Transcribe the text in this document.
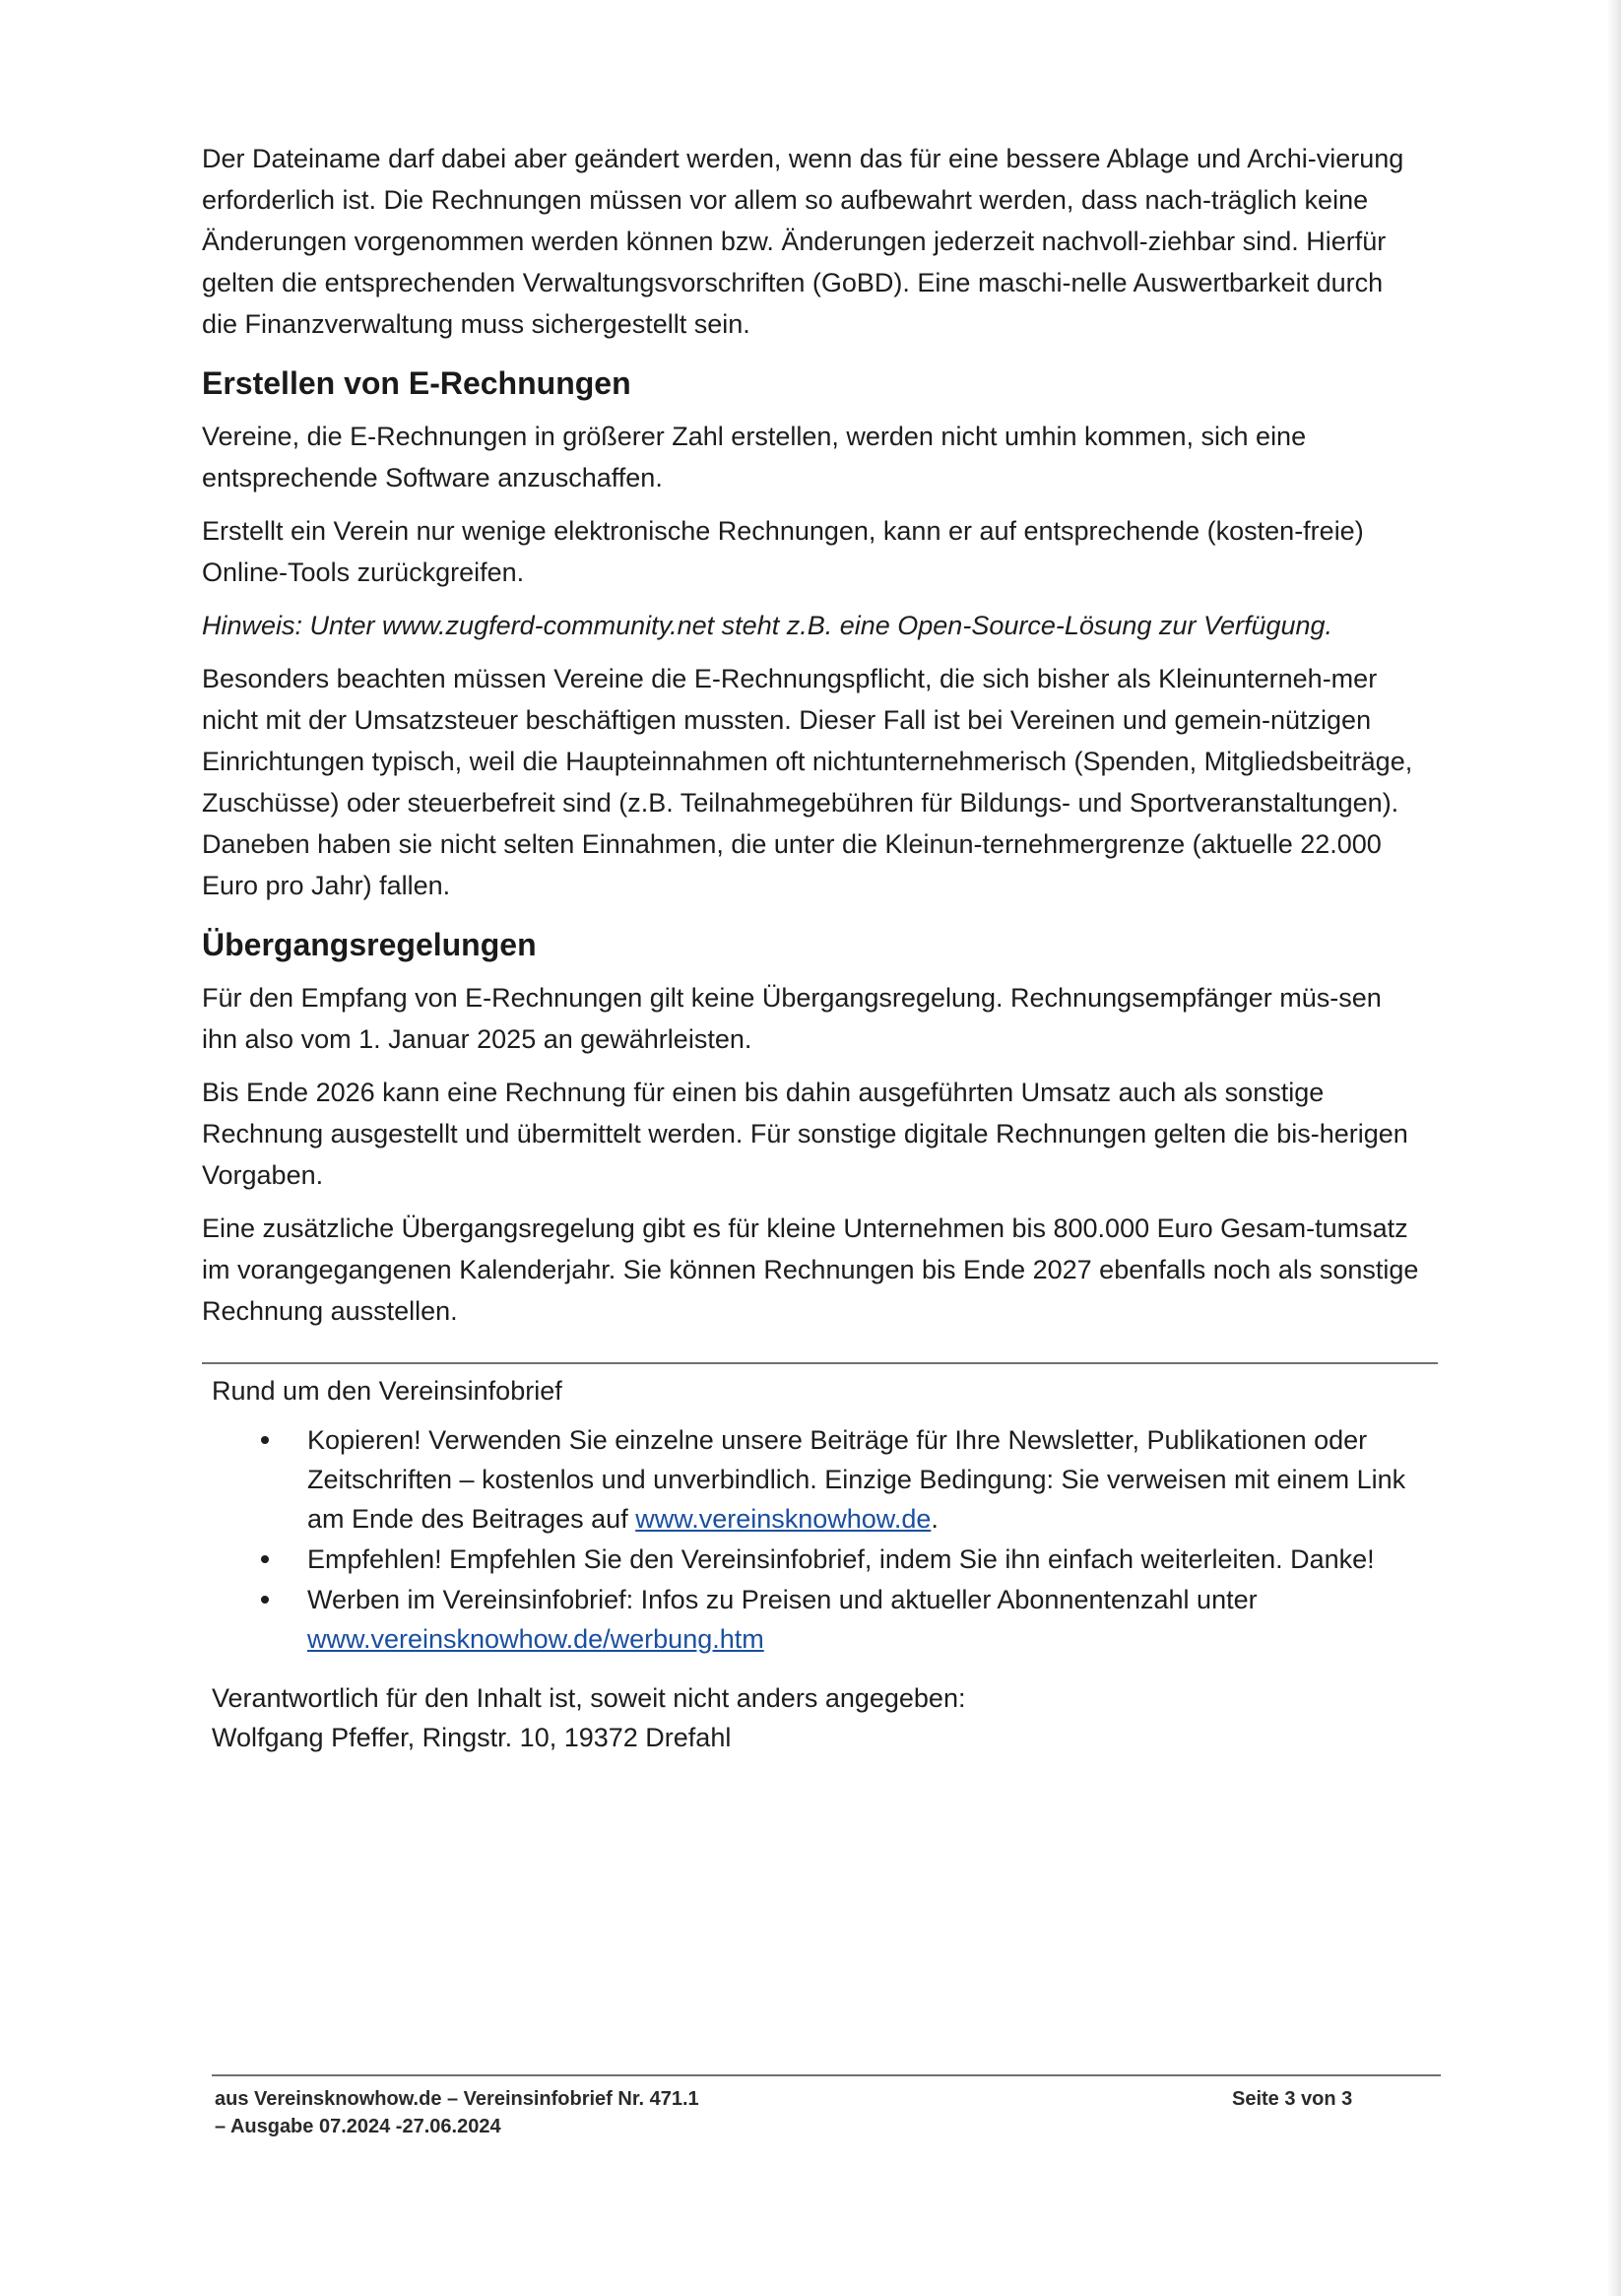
Der Dateiname darf dabei aber geändert werden, wenn das für eine bessere Ablage und Archi-vierung erforderlich ist. Die Rechnungen müssen vor allem so aufbewahrt werden, dass nach-träglich keine Änderungen vorgenommen werden können bzw. Änderungen jederzeit nachvoll-ziehbar sind. Hierfür gelten die entsprechenden Verwaltungsvorschriften (GoBD). Eine maschi-nelle Auswertbarkeit durch die Finanzverwaltung muss sichergestellt sein.

Erstellen von E-Rechnungen

Vereine, die E-Rechnungen in größerer Zahl erstellen, werden nicht umhin kommen, sich eine entsprechende Software anzuschaffen.

Erstellt ein Verein nur wenige elektronische Rechnungen, kann er auf entsprechende (kosten-freie) Online-Tools zurückgreifen.

Hinweis: Unter www.zugferd-community.net steht z.B. eine Open-Source-Lösung zur Verfügung.

Besonders beachten müssen Vereine die E-Rechnungspflicht, die sich bisher als Kleinunterneh-mer nicht mit der Umsatzsteuer beschäftigen mussten. Dieser Fall ist bei Vereinen und gemein-nützigen Einrichtungen typisch, weil die Haupteinnahmen oft nichtunternehmerisch (Spenden, Mitgliedsbeiträge, Zuschüsse) oder steuerbefreit sind (z.B. Teilnahmegebühren für Bildungs- und Sportveranstaltungen). Daneben haben sie nicht selten Einnahmen, die unter die Kleinun-ternehmergrenze (aktuelle 22.000 Euro pro Jahr) fallen.

Übergangsregelungen

Für den Empfang von E-Rechnungen gilt keine Übergangsregelung. Rechnungsempfänger müs-sen ihn also vom 1. Januar 2025 an gewährleisten.

Bis Ende 2026 kann eine Rechnung für einen bis dahin ausgeführten Umsatz auch als sonstige Rechnung ausgestellt und übermittelt werden. Für sonstige digitale Rechnungen gelten die bis-herigen Vorgaben.

Eine zusätzliche Übergangsregelung gibt es für kleine Unternehmen bis 800.000 Euro Gesam-tumsatz im vorangegangenen Kalenderjahr. Sie können Rechnungen bis Ende 2027 ebenfalls noch als sonstige Rechnung ausstellen.

Rund um den Vereinsinfobrief
Kopieren! Verwenden Sie einzelne unsere Beiträge für Ihre Newsletter, Publikationen oder Zeitschriften – kostenlos und unverbindlich. Einzige Bedingung: Sie verweisen mit einem Link am Ende des Beitrages auf www.vereinsknowhow.de.
Empfehlen! Empfehlen Sie den Vereinsinfobrief, indem Sie ihn einfach weiterleiten. Danke!
Werben im Vereinsinfobrief: Infos zu Preisen und aktueller Abonnentenzahl unter www.vereinsknowhow.de/werbung.htm

Verantwortlich für den Inhalt ist, soweit nicht anders angegeben:

Wolfgang Pfeffer, Ringstr. 10, 19372 Drefahl

aus Vereinsknowhow.de – Vereinsinfobrief Nr. 471.1
– Ausgabe 07.2024 -27.06.2024
Seite 3 von 3
